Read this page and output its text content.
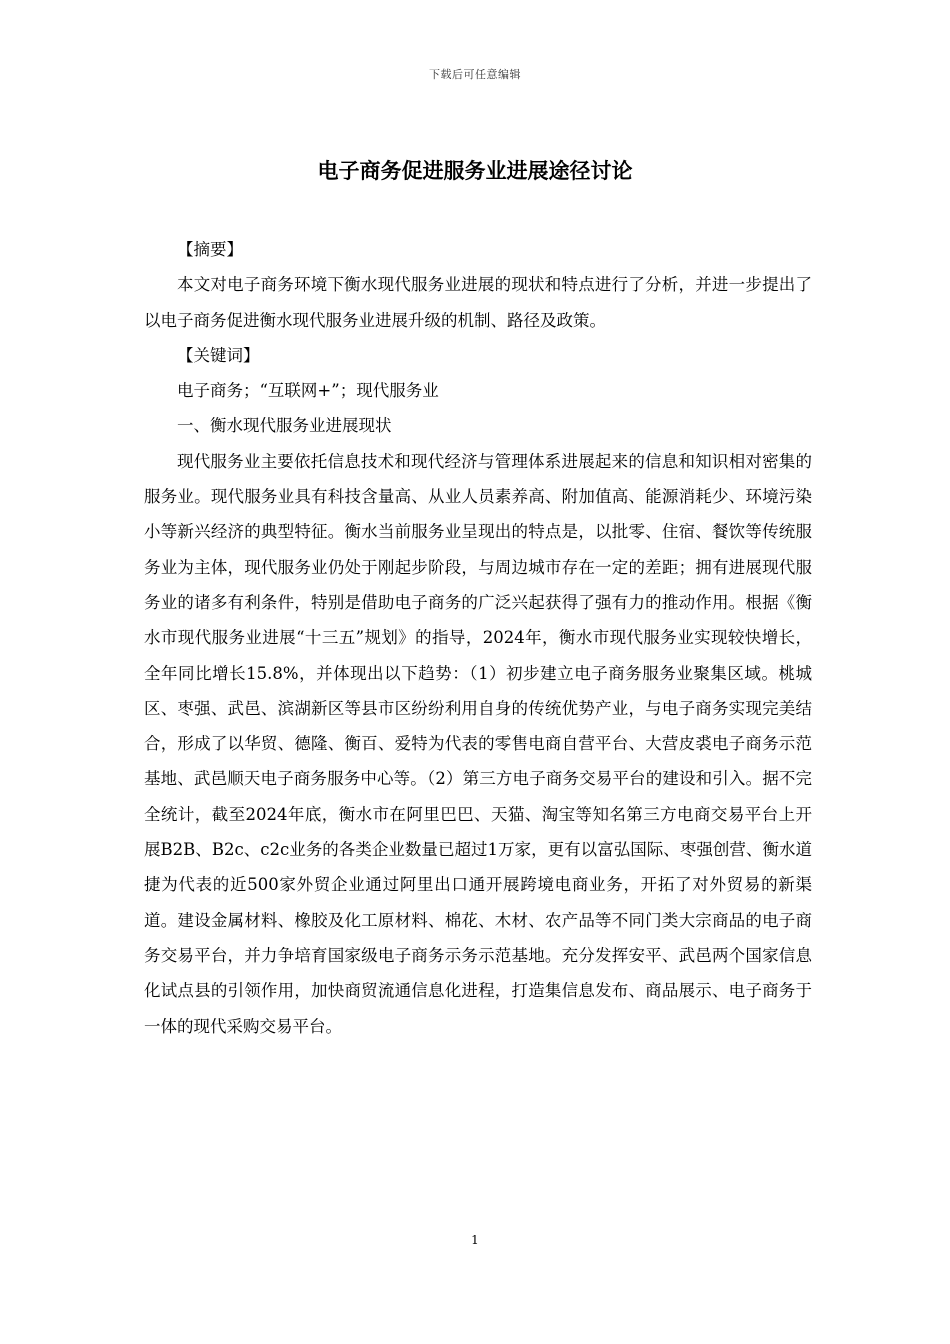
下载后可任意编辑
电子商务促进服务业进展途径讨论

【摘要】

本文对电子商务环境下衡水现代服务业进展的现状和特点进行了分析，并进一步提出了以电子商务促进衡水现代服务业进展升级的机制、路径及政策。

【关键词】

电子商务；“互联网+”；现代服务业

一、衡水现代服务业进展现状

现代服务业主要依托信息技术和现代经济与管理体系进展起来的信息和知识相对密集的服务业。现代服务业具有科技含量高、从业人员素养高、附加值高、能源消耗少、环境污染小等新兴经济的典型特征。衡水当前服务业呈现出的特点是，以批零、住宿、餐饮等传统服务业为主体，现代服务业仍处于刚起步阶段，与周边城市存在一定的差距；拥有进展现代服务业的诸多有利条件，特别是借助电子商务的广泛兴起获得了强有力的推动作用。根据《衡水市现代服务业进展“十三五”规划》的指导，2024年，衡水市现代服务业实现较快增长，全年同比增长15.8%，并体现出以下趋势：（1）初步建立电子商务服务业聚集区域。桃城区、枣强、武邑、滨湖新区等县市区纷纷利用自身的传统优势产业，与电子商务实现完美结合，形成了以华贸、德隆、衡百、爱特为代表的零售电商自营平台、大营皮裘电子商务示范基地、武邑顺天电子商务服务中心等。（2）第三方电子商务交易平台的建设和引入。据不完全统计，截至2024年底，衡水市在阿里巴巴、天猫、淘宝等知名第三方电商交易平台上开展B2B、B2c、c2c业务的各类企业数量已超过1万家，更有以富弘国际、枣强创营、衡水道捷为代表的近500家外贸企业通过阿里出口通开展跨境电商业务，开拓了对外贸易的新渠道。建设金属材料、橡胶及化工原材料、棉花、木材、农产品等不同门类大宗商品的电子商务交易平台，并力争培育国家级电子商务示务示范基地。充分发挥安平、武邑两个国家信息化试点县的引领作用，加快商贸流通信息化进程，打造集信息发布、商品展示、电子商务于一体的现代采购交易平台。

1
